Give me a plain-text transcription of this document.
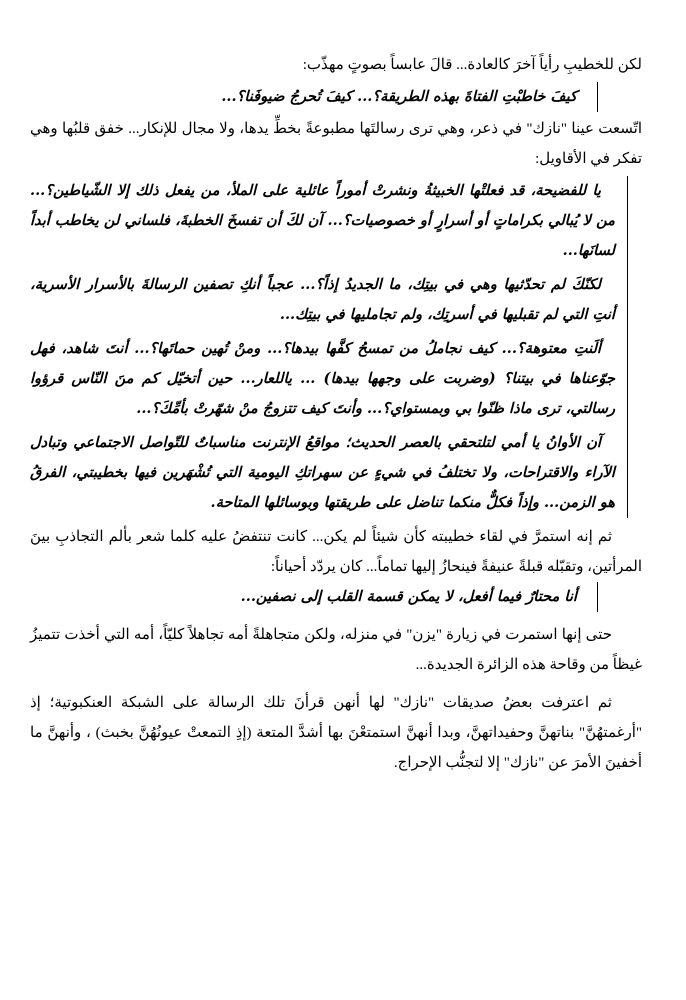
لكن للخطيبِ رأياً آخرَ كالعادة... قالَ عابساً بصوتٍ مهذّب:

كيفَ خاطبْتِ الفتاةَ بهذه الطريقة؟... كيفَ تُحرجُ ضيوفَنا؟...

اتّسعت عينا "نازك" في ذعر، وهي ترى رسالتَها مطبوعةً بخطِّ يدها، ولا مجال للإنكار... خفق قلبُها وهي تفكر في الأقاويل:

يا للفضيحة، قد فعلتْها الخبيثةُ ونشرتْ أموراً عائلية على الملأ، من يفعل ذلك إلا الشّياطين؟... من لا يُبالي بكراماتٍ أو أسرارٍ أو خصوصيات؟... آن لكَ أن تفسخَ الخطبةَ، فلساني لن يخاطب أبداً لسانَها...

لكنّكَ لم تحدّثيها وهي في بيتِك، ما الجديدُ إذاً؟... عجباً أنكِ تصفين الرسالةَ بالأسرار الأسرية، أنتِ التي لم تقبليها في أسرتِك، ولم تجامليها في بيتِك...

ألَنتِ معتوهة؟... كيف نجاملُ من تمسحُ كفَّها بيدها؟... ومنْ تُهين حماتَها؟... أنتَ شاهد، فهل جوّعناها في بيتنا؟ (وضربت على وجهها بيدها) ... ياللعار... حين أتخيّل كم منَ النّاس قرؤوا رسالتي، ترى ماذا ظنّوا بي وبمستواي؟... وأنتَ كيف تتزوجُ منْ شهّرتْ بأمِّكَ؟...

آن الأوانُ يا أمي لتلتحقي بالعصر الحديث؛ مواقعُ الإنترنت مناسباتٌ للتّواصل الاجتماعي وتبادل الآراء والاقتراحات، ولا تختلفُ في شيءٍ عن سهراتكِ اليومية التي تُشْهَرين فيها بخطيبتي، الفرقُ هو الزمن... وإذاً فكلٌّ منكما تناضل على طريقتها وبوسائلها المتاحة.

ثم إنه استمرَّ في لقاء خطيبته كأن شيئاً لم يكن... كانت تنتفضُ عليه كلما شعر بألم التجاذبِ بينَ المرأتين، وتقبّله قبلةً عنيفةً فينحازُ إليها تماماً... كان يردّد أحياناً:

أنا محتارٌ فيما أفعل، لا يمكن قسمة القلب إلى نصفين...

حتى إنها استمرت في زيارة "يزن" في منزله، ولكن متجاهلةً أمه تجاهلاً كليّاً، أمه التي أخذت تتميزُ غيظاً من وقاحة هذه الزائرة الجديدة...

ثم اعترفت بعضُ صديقات "نازك" لها أنهن قرأنَ تلك الرسالة على الشبكة العنكبوتية؛ إذ "أرغمتهُنَّ" بناتهنَّ وحفيداتهنَّ، وبدا أنهنَّ استمتعْنَ بها أشدَّ المتعة (إذِ التمعتْ عيونُهُنَّ بخبث) ، وأنهنَّ ما أخفينَ الأمرَ عن "نازك" إلا لتجنُّب الإحراج.
